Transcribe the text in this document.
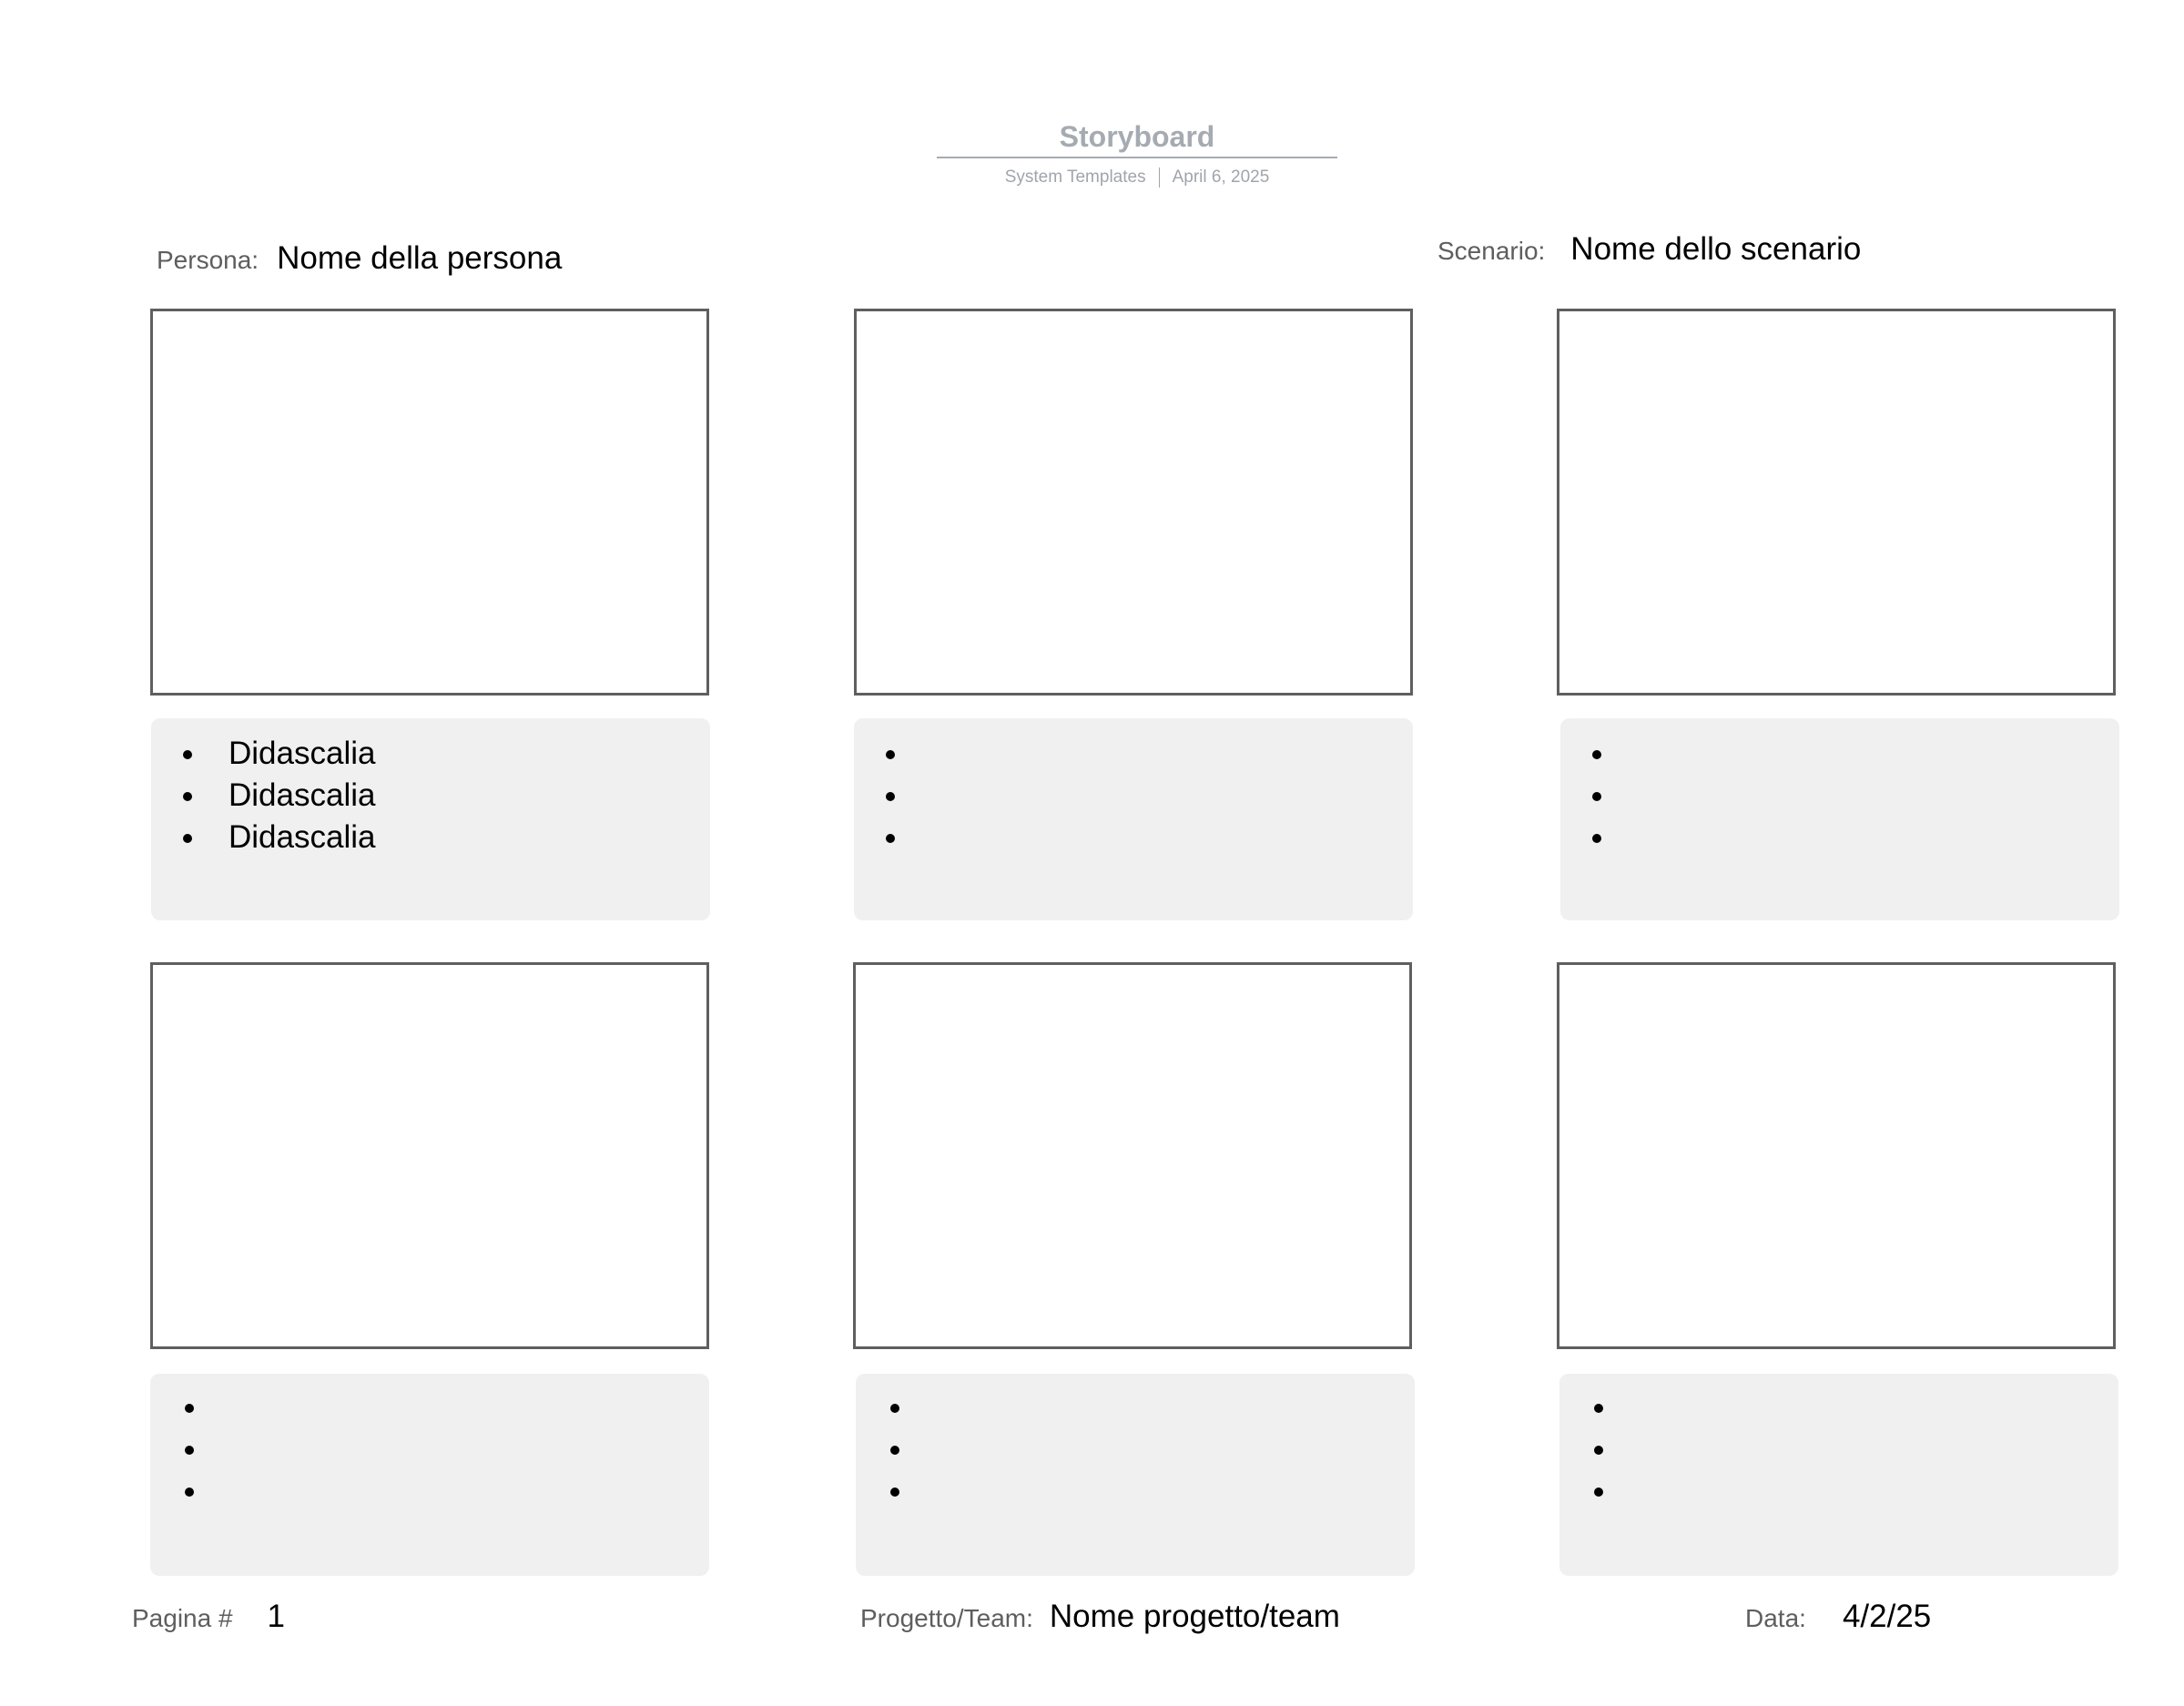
Storyboard
System Templates April 6, 2025
Persona: Nome della persona	Scenario: Nome dello scenario
Didascalia
Didascalia
Didascalia
Pagina # 1	Progetto/Team: Nome progetto/team	Data: 4/2/25
